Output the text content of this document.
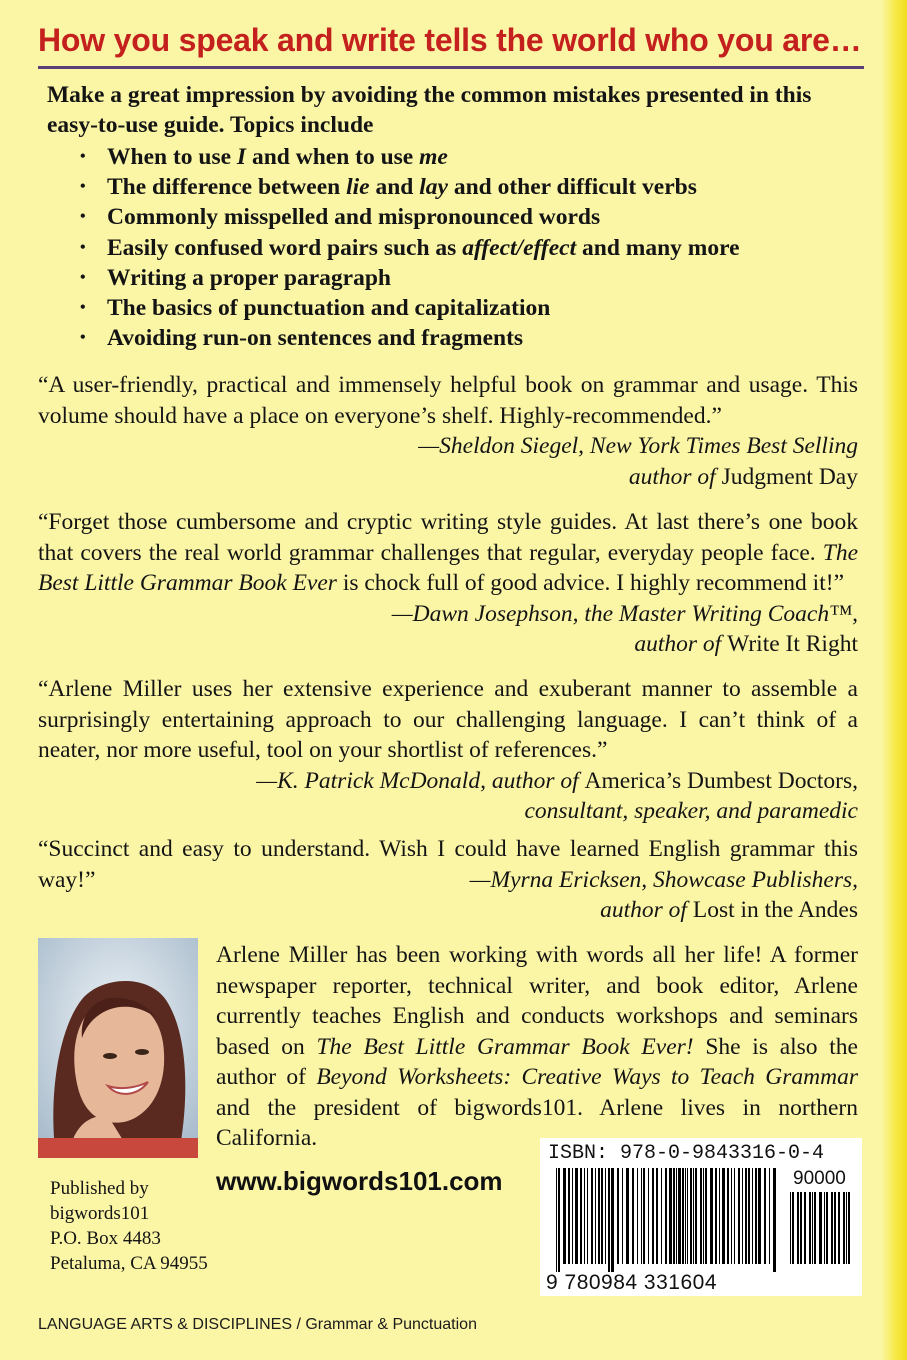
How you speak and write tells the world who you are…

Make a great impression by avoiding the common mistakes presented in this easy-to-use guide. Topics include

• When to use I and when to use me
• The difference between lie and lay and other difficult verbs
• Commonly misspelled and mispronounced words
• Easily confused word pairs such as affect/effect and many more
• Writing a proper paragraph
• The basics of punctuation and capitalization
• Avoiding run-on sentences and fragments

“A user-friendly, practical and immensely helpful book on grammar and usage. This volume should have a place on everyone’s shelf. Highly-recommended.”

—Sheldon Siegel, New York Times Best Selling

author of Judgment Day

“Forget those cumbersome and cryptic writing style guides. At last there’s one book that covers the real world grammar challenges that regular, everyday people face. The Best Little Grammar Book Ever is chock full of good advice. I highly recommend it!”
—Dawn Josephson, the Master Writing Coach™,

author of Write It Right

“Arlene Miller uses her extensive experience and exuberant manner to assemble a surprisingly entertaining approach to our challenging language. I can’t think of a neater, nor more useful, tool on your shortlist of references.”

—K. Patrick McDonald, author of America’s Dumbest Doctors,

consultant, speaker, and paramedic

“Succinct and easy to understand. Wish I could have learned English grammar this way!”	—Myrna Ericksen, Showcase Publishers,

author of Lost in the Andes

Arlene Miller has been working with words all her life! A former newspaper reporter, technical writer, and book editor, Arlene currently teaches English and conducts workshops and seminars based on The Best Little Grammar Book Ever! She is also the author of Beyond Worksheets: Creative Ways to Teach Grammar and the president of bigwords101. Arlene lives in northern California.

www.bigwords101.com
Published by
bigwords101
P.O. Box 4483
Petaluma, CA 94955
ISBN: 978-0-9843316-0-4
90000
9 780984 331604
LANGUAGE ARTS & DISCIPLINES / Grammar & Punctuation
